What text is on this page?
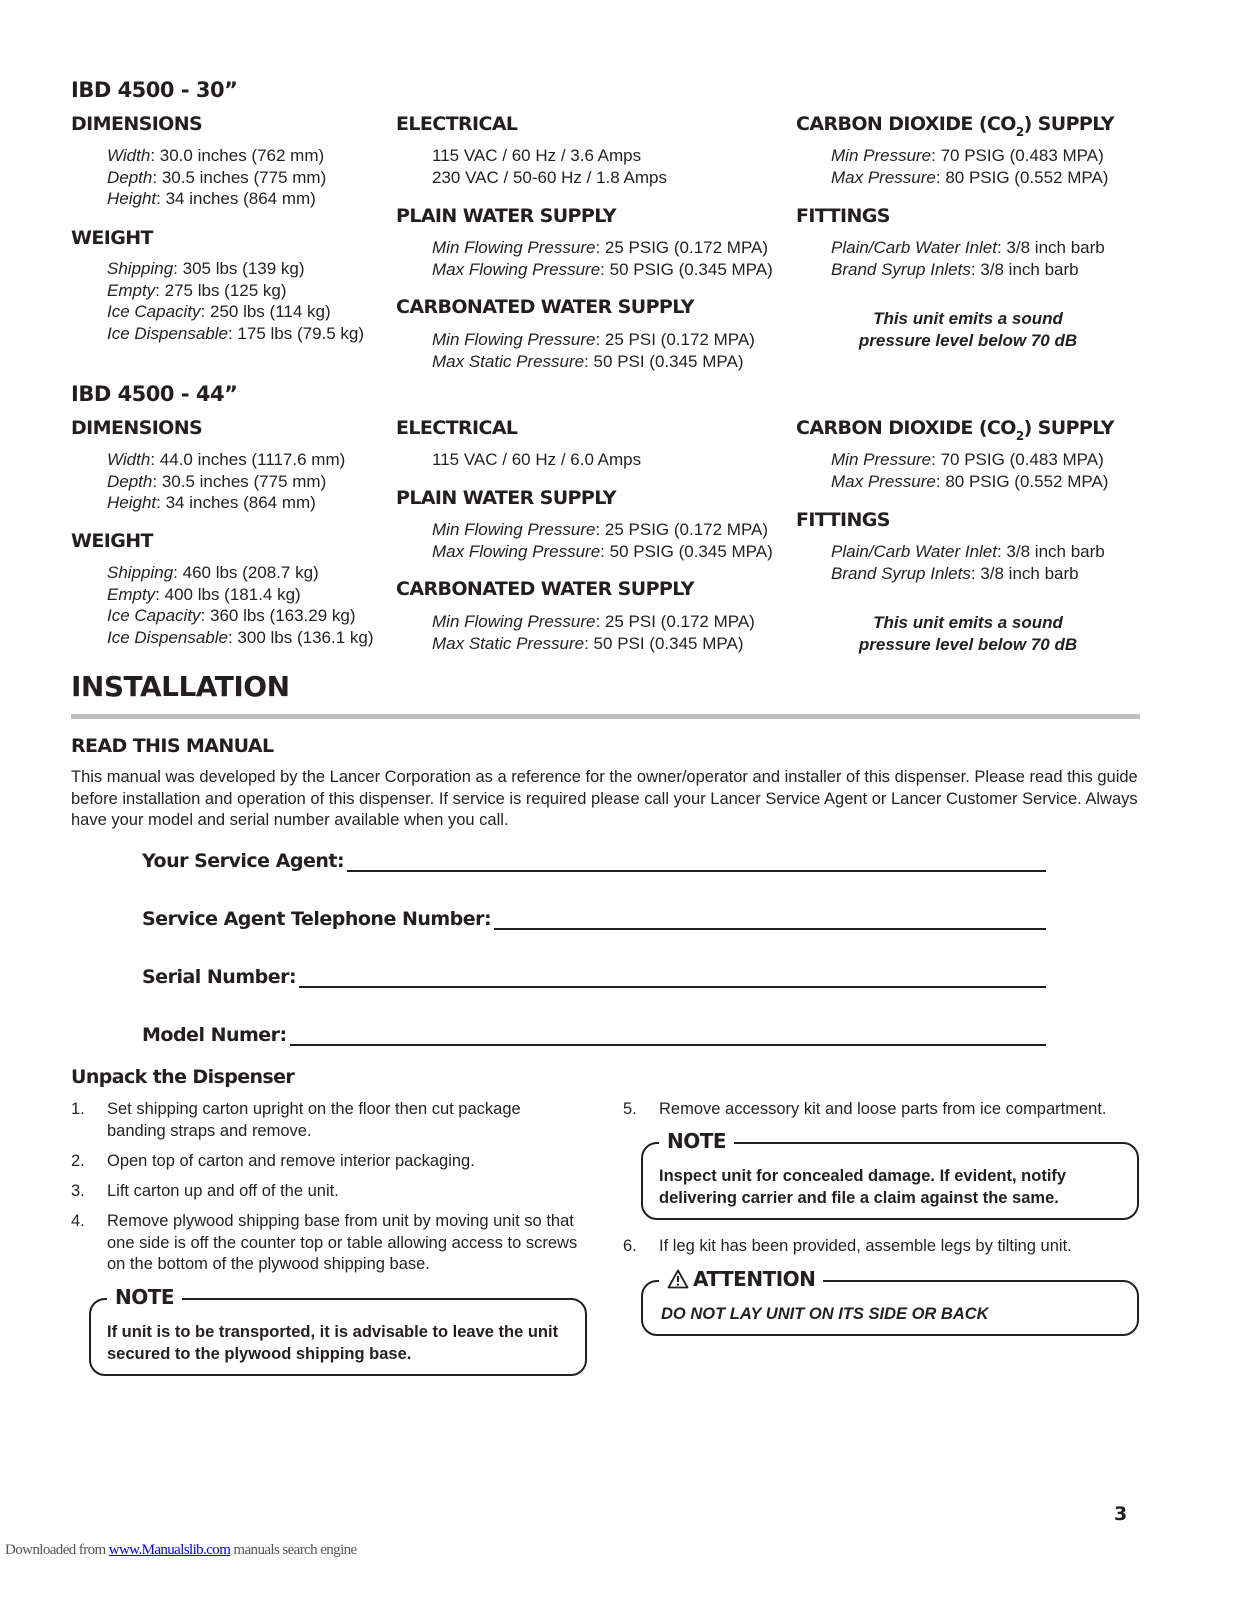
IBD 4500 - 30”
DIMENSIONS
Width: 30.0 inches (762 mm)
Depth: 30.5 inches (775 mm)
Height: 34 inches (864 mm)
WEIGHT
Shipping: 305 lbs (139 kg)
Empty: 275 lbs (125 kg)
Ice Capacity: 250 lbs (114 kg)
Ice Dispensable: 175 lbs (79.5 kg)
ELECTRICAL
115 VAC / 60 Hz / 3.6 Amps
230 VAC / 50-60 Hz / 1.8 Amps
PLAIN WATER SUPPLY
Min Flowing Pressure: 25 PSIG (0.172 MPA)
Max Flowing Pressure: 50 PSIG (0.345 MPA)
CARBONATED WATER SUPPLY
Min Flowing Pressure: 25 PSI (0.172 MPA)
Max Static Pressure: 50 PSI (0.345 MPA)
CARBON DIOXIDE $(CO_2)$ SUPPLY
Min Pressure: 70 PSIG (0.483 MPA)
Max Pressure: 80 PSIG (0.552 MPA)
FITTINGS
Plain/Carb Water Inlet: 3/8 inch barb
Brand Syrup Inlets: 3/8 inch barb
This unit emits a sound
pressure level below 70 dB
IBD 4500 - 44”
DIMENSIONS
Width: 44.0 inches (1117.6 mm)
Depth: 30.5 inches (775 mm)
Height: 34 inches (864 mm)
WEIGHT
Shipping: 460 lbs (208.7 kg)
Empty: 400 lbs (181.4 kg)
Ice Capacity: 360 lbs (163.29 kg)
Ice Dispensable: 300 lbs (136.1 kg)
ELECTRICAL
115 VAC / 60 Hz / 6.0 Amps
PLAIN WATER SUPPLY
Min Flowing Pressure: 25 PSIG (0.172 MPA)
Max Flowing Pressure: 50 PSIG (0.345 MPA)
CARBONATED WATER SUPPLY
Min Flowing Pressure: 25 PSI (0.172 MPA)
Max Static Pressure: 50 PSI (0.345 MPA)
CARBON DIOXIDE $(CO_2)$ SUPPLY
Min Pressure: 70 PSIG (0.483 MPA)
Max Pressure: 80 PSIG (0.552 MPA)
FITTINGS
Plain/Carb Water Inlet: 3/8 inch barb
Brand Syrup Inlets: 3/8 inch barb
This unit emits a sound
pressure level below 70 dB
INSTALLATION
READ THIS MANUAL
This manual was developed by the Lancer Corporation as a reference for the owner/operator and installer of this dispenser. Please read this guide before installation and operation of this dispenser. If service is required please call your Lancer Service Agent or Lancer Customer Service. Always have your model and serial number available when you call.
Your Service Agent:
Service Agent Telephone Number:
Serial Number:
Model Numer:
Unpack the Dispenser
1. Set shipping carton upright on the floor then cut package banding straps and remove.
2. Open top of carton and remove interior packaging.
3. Lift carton up and off of the unit.
4. Remove plywood shipping base from unit by moving unit so that one side is off the counter top or table allowing access to screws on the bottom of the plywood shipping base.
NOTE
If unit is to be transported, it is advisable to leave the unit secured to the plywood shipping base.
5. Remove accessory kit and loose parts from ice compartment.
NOTE
Inspect unit for concealed damage. If evident, notify delivering carrier and file a claim against the same.
6. If leg kit has been provided, assemble legs by tilting unit.
ATTENTION
DO NOT LAY UNIT ON ITS SIDE OR BACK
3
Downloaded from www.Manualslib.com manuals search engine
